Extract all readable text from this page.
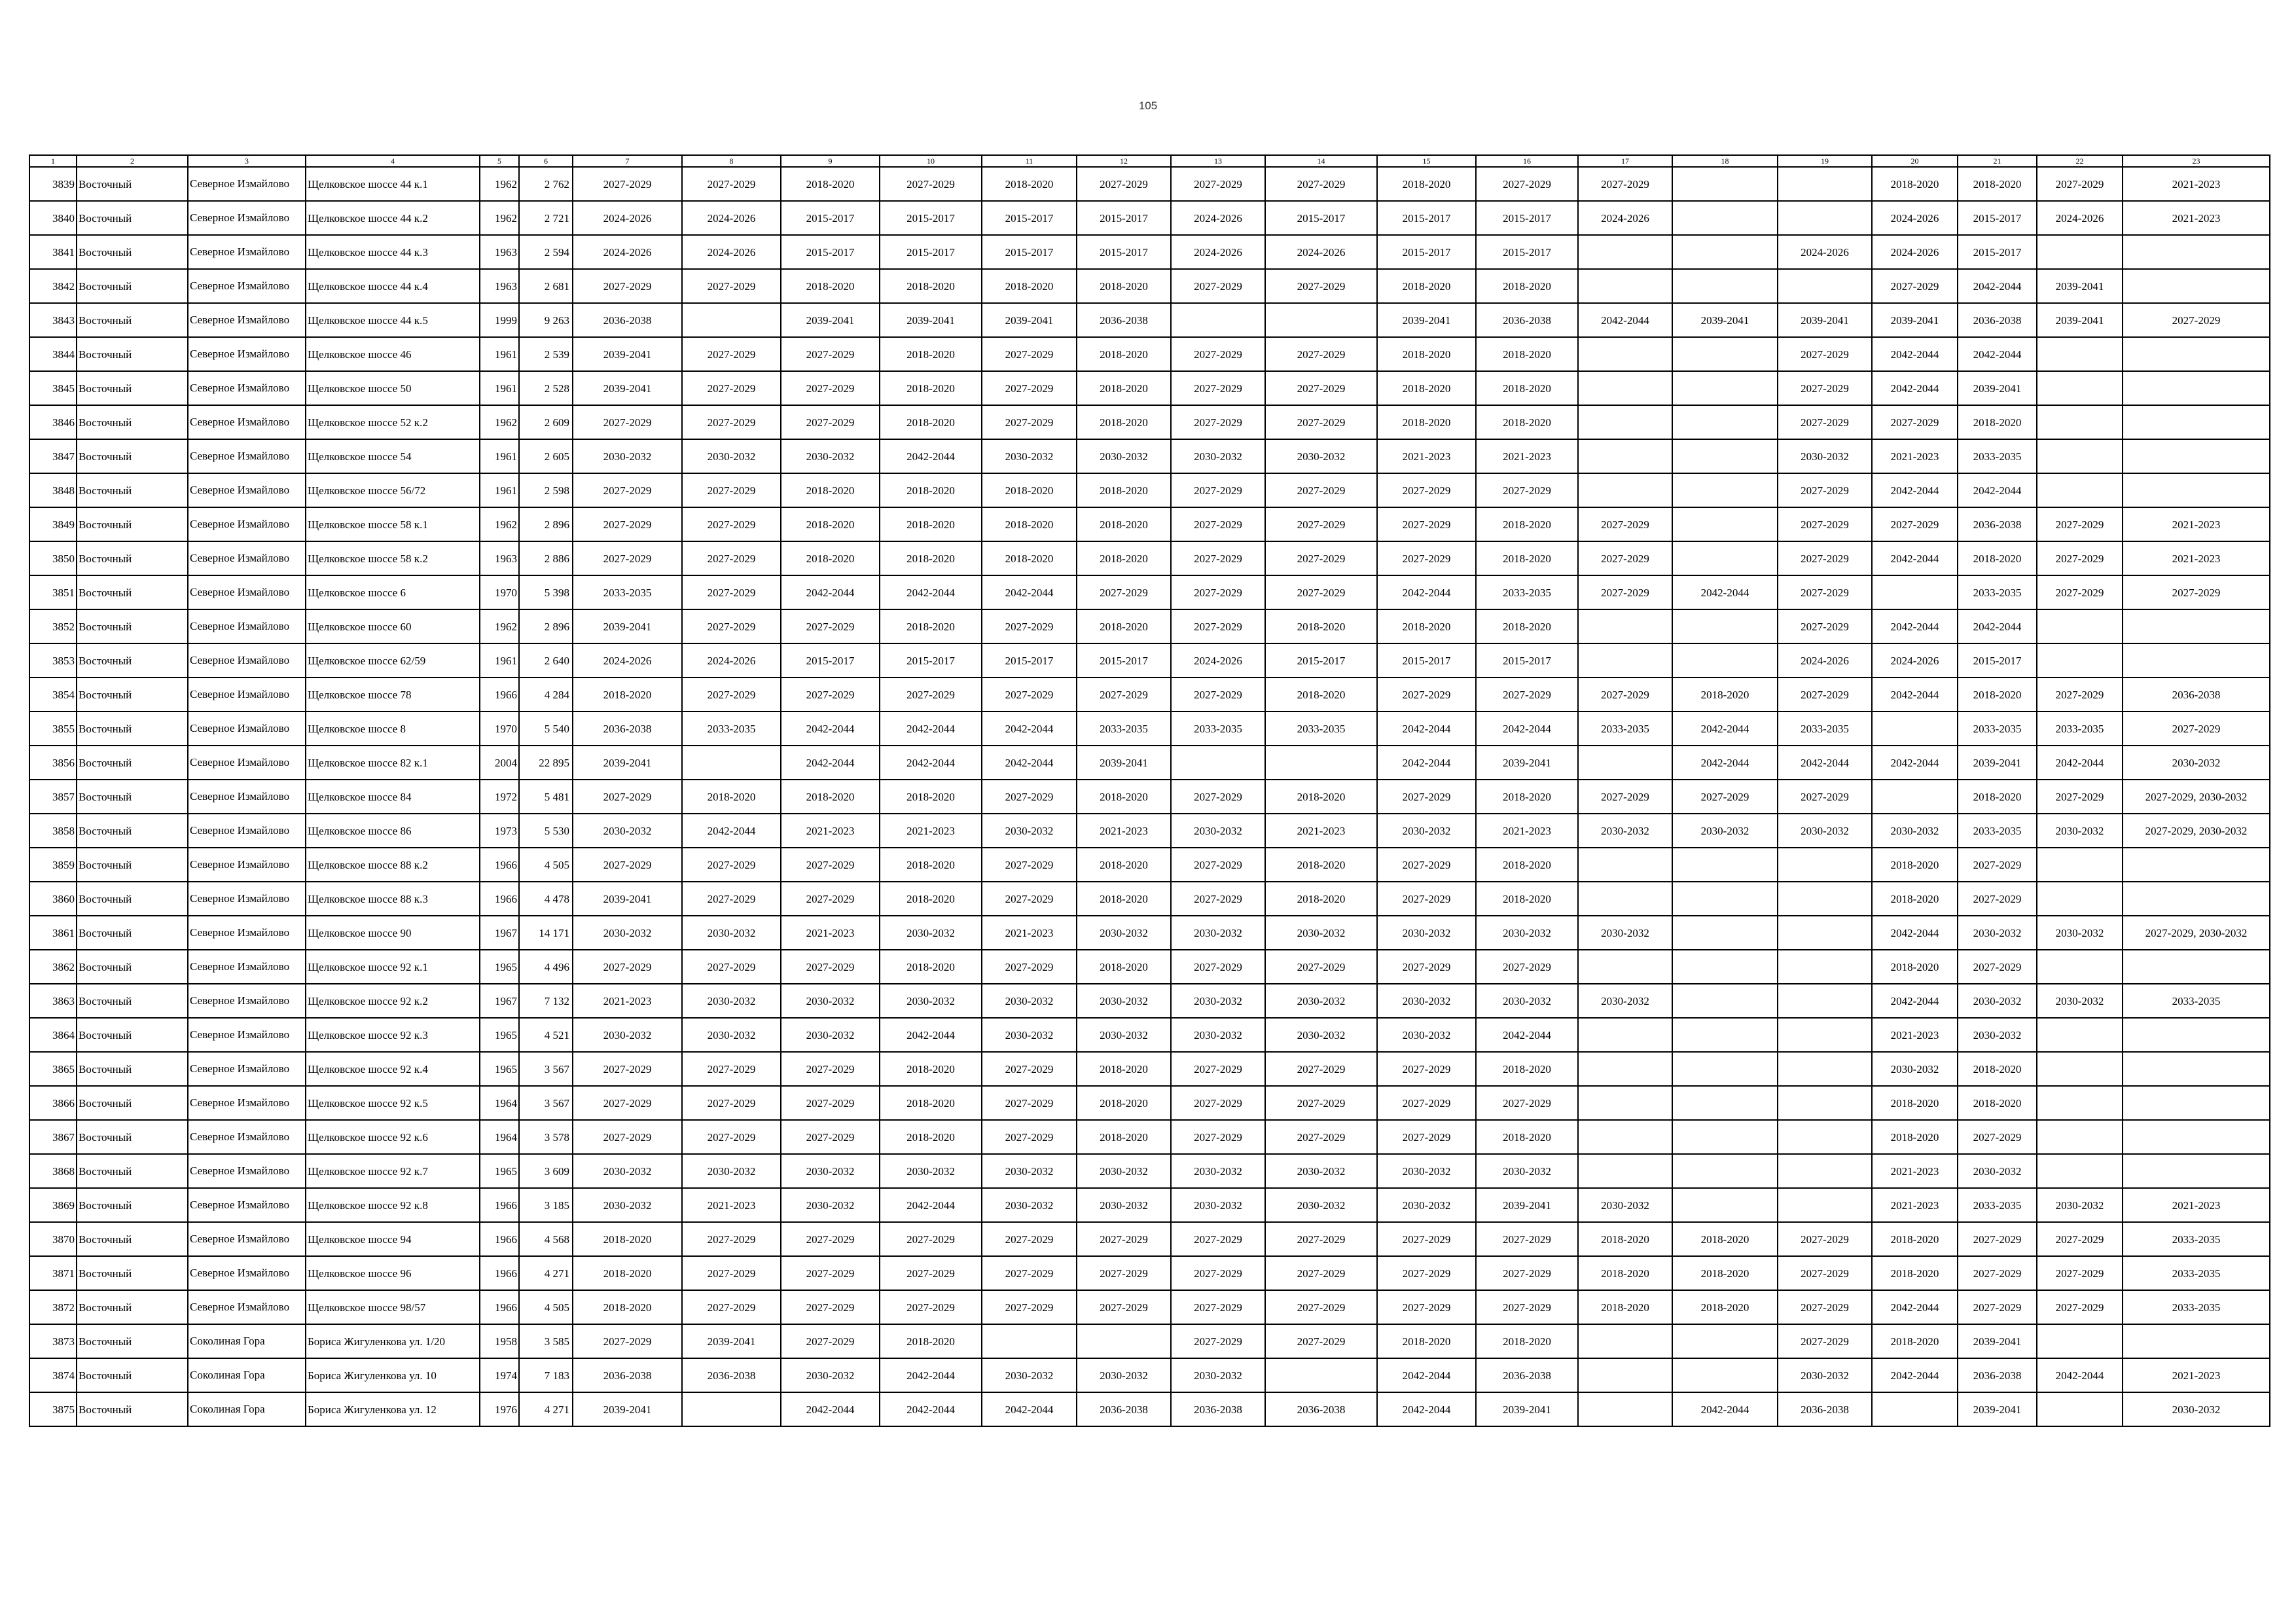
105
1	2	3	4	5	6	7	8	9	10	11	12	13	14	15	16	17	18	19	20	21	22	23	
3839	Восточный	Северное Измайлово	Щелковское шоссе 44 к.1	1962	2 762	2027-2029	2027-2029	2018-2020	2027-2029	2018-2020	2027-2029	2027-2029	2027-2029	2018-2020	2027-2029	2027-2029			2018-2020	2018-2020	2027-2029	2021-2023	
3840	Восточный	Северное Измайлово	Щелковское шоссе 44 к.2	1962	2 721	2024-2026	2024-2026	2015-2017	2015-2017	2015-2017	2015-2017	2024-2026	2015-2017	2015-2017	2015-2017	2024-2026			2024-2026	2015-2017	2024-2026	2021-2023	
3841	Восточный	Северное Измайлово	Щелковское шоссе 44 к.3	1963	2 594	2024-2026	2024-2026	2015-2017	2015-2017	2015-2017	2015-2017	2024-2026	2024-2026	2015-2017	2015-2017			2024-2026	2024-2026	2015-2017			
3842	Восточный	Северное Измайлово	Щелковское шоссе 44 к.4	1963	2 681	2027-2029	2027-2029	2018-2020	2018-2020	2018-2020	2018-2020	2027-2029	2027-2029	2018-2020	2018-2020				2027-2029	2042-2044	2039-2041		
3843	Восточный	Северное Измайлово	Щелковское шоссе 44 к.5	1999	9 263	2036-2038		2039-2041	2039-2041	2039-2041	2036-2038			2039-2041	2036-2038	2042-2044	2039-2041	2039-2041	2039-2041	2036-2038	2039-2041	2027-2029	
3844	Восточный	Северное Измайлово	Щелковское шоссе 46	1961	2 539	2039-2041	2027-2029	2027-2029	2018-2020	2027-2029	2018-2020	2027-2029	2027-2029	2018-2020	2018-2020			2027-2029	2042-2044	2042-2044			
3845	Восточный	Северное Измайлово	Щелковское шоссе 50	1961	2 528	2039-2041	2027-2029	2027-2029	2018-2020	2027-2029	2018-2020	2027-2029	2027-2029	2018-2020	2018-2020			2027-2029	2042-2044	2039-2041			
3846	Восточный	Северное Измайлово	Щелковское шоссе 52 к.2	1962	2 609	2027-2029	2027-2029	2027-2029	2018-2020	2027-2029	2018-2020	2027-2029	2027-2029	2018-2020	2018-2020			2027-2029	2027-2029	2018-2020			
3847	Восточный	Северное Измайлово	Щелковское шоссе 54	1961	2 605	2030-2032	2030-2032	2030-2032	2042-2044	2030-2032	2030-2032	2030-2032	2030-2032	2021-2023	2021-2023			2030-2032	2021-2023	2033-2035			
3848	Восточный	Северное Измайлово	Щелковское шоссе 56/72	1961	2 598	2027-2029	2027-2029	2018-2020	2018-2020	2018-2020	2018-2020	2027-2029	2027-2029	2027-2029	2027-2029			2027-2029	2042-2044	2042-2044			
3849	Восточный	Северное Измайлово	Щелковское шоссе 58 к.1	1962	2 896	2027-2029	2027-2029	2018-2020	2018-2020	2018-2020	2018-2020	2027-2029	2027-2029	2027-2029	2018-2020	2027-2029		2027-2029	2027-2029	2036-2038	2027-2029	2021-2023	
3850	Восточный	Северное Измайлово	Щелковское шоссе 58 к.2	1963	2 886	2027-2029	2027-2029	2018-2020	2018-2020	2018-2020	2018-2020	2027-2029	2027-2029	2027-2029	2018-2020	2027-2029		2027-2029	2042-2044	2018-2020	2027-2029	2021-2023	
3851	Восточный	Северное Измайлово	Щелковское шоссе 6	1970	5 398	2033-2035	2027-2029	2042-2044	2042-2044	2042-2044	2027-2029	2027-2029	2027-2029	2042-2044	2033-2035	2027-2029	2042-2044	2027-2029		2033-2035	2027-2029	2027-2029	
3852	Восточный	Северное Измайлово	Щелковское шоссе 60	1962	2 896	2039-2041	2027-2029	2027-2029	2018-2020	2027-2029	2018-2020	2027-2029	2018-2020	2018-2020	2018-2020			2027-2029	2042-2044	2042-2044			
3853	Восточный	Северное Измайлово	Щелковское шоссе 62/59	1961	2 640	2024-2026	2024-2026	2015-2017	2015-2017	2015-2017	2015-2017	2024-2026	2015-2017	2015-2017	2015-2017			2024-2026	2024-2026	2015-2017			
3854	Восточный	Северное Измайлово	Щелковское шоссе 78	1966	4 284	2018-2020	2027-2029	2027-2029	2027-2029	2027-2029	2027-2029	2027-2029	2018-2020	2027-2029	2027-2029	2027-2029	2018-2020	2027-2029	2042-2044	2018-2020	2027-2029	2036-2038	
3855	Восточный	Северное Измайлово	Щелковское шоссе 8	1970	5 540	2036-2038	2033-2035	2042-2044	2042-2044	2042-2044	2033-2035	2033-2035	2033-2035	2042-2044	2042-2044	2033-2035	2042-2044	2033-2035		2033-2035	2033-2035	2027-2029	
3856	Восточный	Северное Измайлово	Щелковское шоссе 82 к.1	2004	22 895	2039-2041		2042-2044	2042-2044	2042-2044	2039-2041			2042-2044	2039-2041		2042-2044	2042-2044	2042-2044	2039-2041	2042-2044	2030-2032	
3857	Восточный	Северное Измайлово	Щелковское шоссе 84	1972	5 481	2027-2029	2018-2020	2018-2020	2018-2020	2027-2029	2018-2020	2027-2029	2018-2020	2027-2029	2018-2020	2027-2029	2027-2029	2027-2029		2018-2020	2027-2029	2027-2029, 2030-2032	
3858	Восточный	Северное Измайлово	Щелковское шоссе 86	1973	5 530	2030-2032	2042-2044	2021-2023	2021-2023	2030-2032	2021-2023	2030-2032	2021-2023	2030-2032	2021-2023	2030-2032	2030-2032	2030-2032	2030-2032	2033-2035	2030-2032	2027-2029, 2030-2032	
3859	Восточный	Северное Измайлово	Щелковское шоссе 88 к.2	1966	4 505	2027-2029	2027-2029	2027-2029	2018-2020	2027-2029	2018-2020	2027-2029	2018-2020	2027-2029	2018-2020				2018-2020	2027-2029			
3860	Восточный	Северное Измайлово	Щелковское шоссе 88 к.3	1966	4 478	2039-2041	2027-2029	2027-2029	2018-2020	2027-2029	2018-2020	2027-2029	2018-2020	2027-2029	2018-2020				2018-2020	2027-2029			
3861	Восточный	Северное Измайлово	Щелковское шоссе 90	1967	14 171	2030-2032	2030-2032	2021-2023	2030-2032	2021-2023	2030-2032	2030-2032	2030-2032	2030-2032	2030-2032	2030-2032			2042-2044	2030-2032	2030-2032	2027-2029, 2030-2032	
3862	Восточный	Северное Измайлово	Щелковское шоссе 92 к.1	1965	4 496	2027-2029	2027-2029	2027-2029	2018-2020	2027-2029	2018-2020	2027-2029	2027-2029	2027-2029	2027-2029				2018-2020	2027-2029			
3863	Восточный	Северное Измайлово	Щелковское шоссе 92 к.2	1967	7 132	2021-2023	2030-2032	2030-2032	2030-2032	2030-2032	2030-2032	2030-2032	2030-2032	2030-2032	2030-2032	2030-2032			2042-2044	2030-2032	2030-2032	2033-2035	
3864	Восточный	Северное Измайлово	Щелковское шоссе 92 к.3	1965	4 521	2030-2032	2030-2032	2030-2032	2042-2044	2030-2032	2030-2032	2030-2032	2030-2032	2030-2032	2042-2044				2021-2023	2030-2032			
3865	Восточный	Северное Измайлово	Щелковское шоссе 92 к.4	1965	3 567	2027-2029	2027-2029	2027-2029	2018-2020	2027-2029	2018-2020	2027-2029	2027-2029	2027-2029	2018-2020				2030-2032	2018-2020			
3866	Восточный	Северное Измайлово	Щелковское шоссе 92 к.5	1964	3 567	2027-2029	2027-2029	2027-2029	2018-2020	2027-2029	2018-2020	2027-2029	2027-2029	2027-2029	2027-2029				2018-2020	2018-2020			
3867	Восточный	Северное Измайлово	Щелковское шоссе 92 к.6	1964	3 578	2027-2029	2027-2029	2027-2029	2018-2020	2027-2029	2018-2020	2027-2029	2027-2029	2027-2029	2018-2020				2018-2020	2027-2029			
3868	Восточный	Северное Измайлово	Щелковское шоссе 92 к.7	1965	3 609	2030-2032	2030-2032	2030-2032	2030-2032	2030-2032	2030-2032	2030-2032	2030-2032	2030-2032	2030-2032				2021-2023	2030-2032			
3869	Восточный	Северное Измайлово	Щелковское шоссе 92 к.8	1966	3 185	2030-2032	2021-2023	2030-2032	2042-2044	2030-2032	2030-2032	2030-2032	2030-2032	2030-2032	2039-2041	2030-2032			2021-2023	2033-2035	2030-2032	2021-2023	
3870	Восточный	Северное Измайлово	Щелковское шоссе 94	1966	4 568	2018-2020	2027-2029	2027-2029	2027-2029	2027-2029	2027-2029	2027-2029	2027-2029	2027-2029	2027-2029	2018-2020	2018-2020	2027-2029	2018-2020	2027-2029	2027-2029	2033-2035	
3871	Восточный	Северное Измайлово	Щелковское шоссе 96	1966	4 271	2018-2020	2027-2029	2027-2029	2027-2029	2027-2029	2027-2029	2027-2029	2027-2029	2027-2029	2027-2029	2018-2020	2018-2020	2027-2029	2018-2020	2027-2029	2027-2029	2033-2035	
3872	Восточный	Северное Измайлово	Щелковское шоссе 98/57	1966	4 505	2018-2020	2027-2029	2027-2029	2027-2029	2027-2029	2027-2029	2027-2029	2027-2029	2027-2029	2027-2029	2018-2020	2018-2020	2027-2029	2042-2044	2027-2029	2027-2029	2033-2035	
3873	Восточный	Соколиная Гора	Бориса Жигуленкова ул. 1/20	1958	3 585	2027-2029	2039-2041	2027-2029	2018-2020			2027-2029	2027-2029	2018-2020	2018-2020			2027-2029	2018-2020	2039-2041			
3874	Восточный	Соколиная Гора	Бориса Жигуленкова ул. 10	1974	7 183	2036-2038	2036-2038	2030-2032	2042-2044	2030-2032	2030-2032	2030-2032		2042-2044	2036-2038			2030-2032	2042-2044	2036-2038	2042-2044	2021-2023	
3875	Восточный	Соколиная Гора	Бориса Жигуленкова ул. 12	1976	4 271	2039-2041		2042-2044	2042-2044	2042-2044	2036-2038	2036-2038	2036-2038	2042-2044	2039-2041		2042-2044	2036-2038		2039-2041		2030-2032	
